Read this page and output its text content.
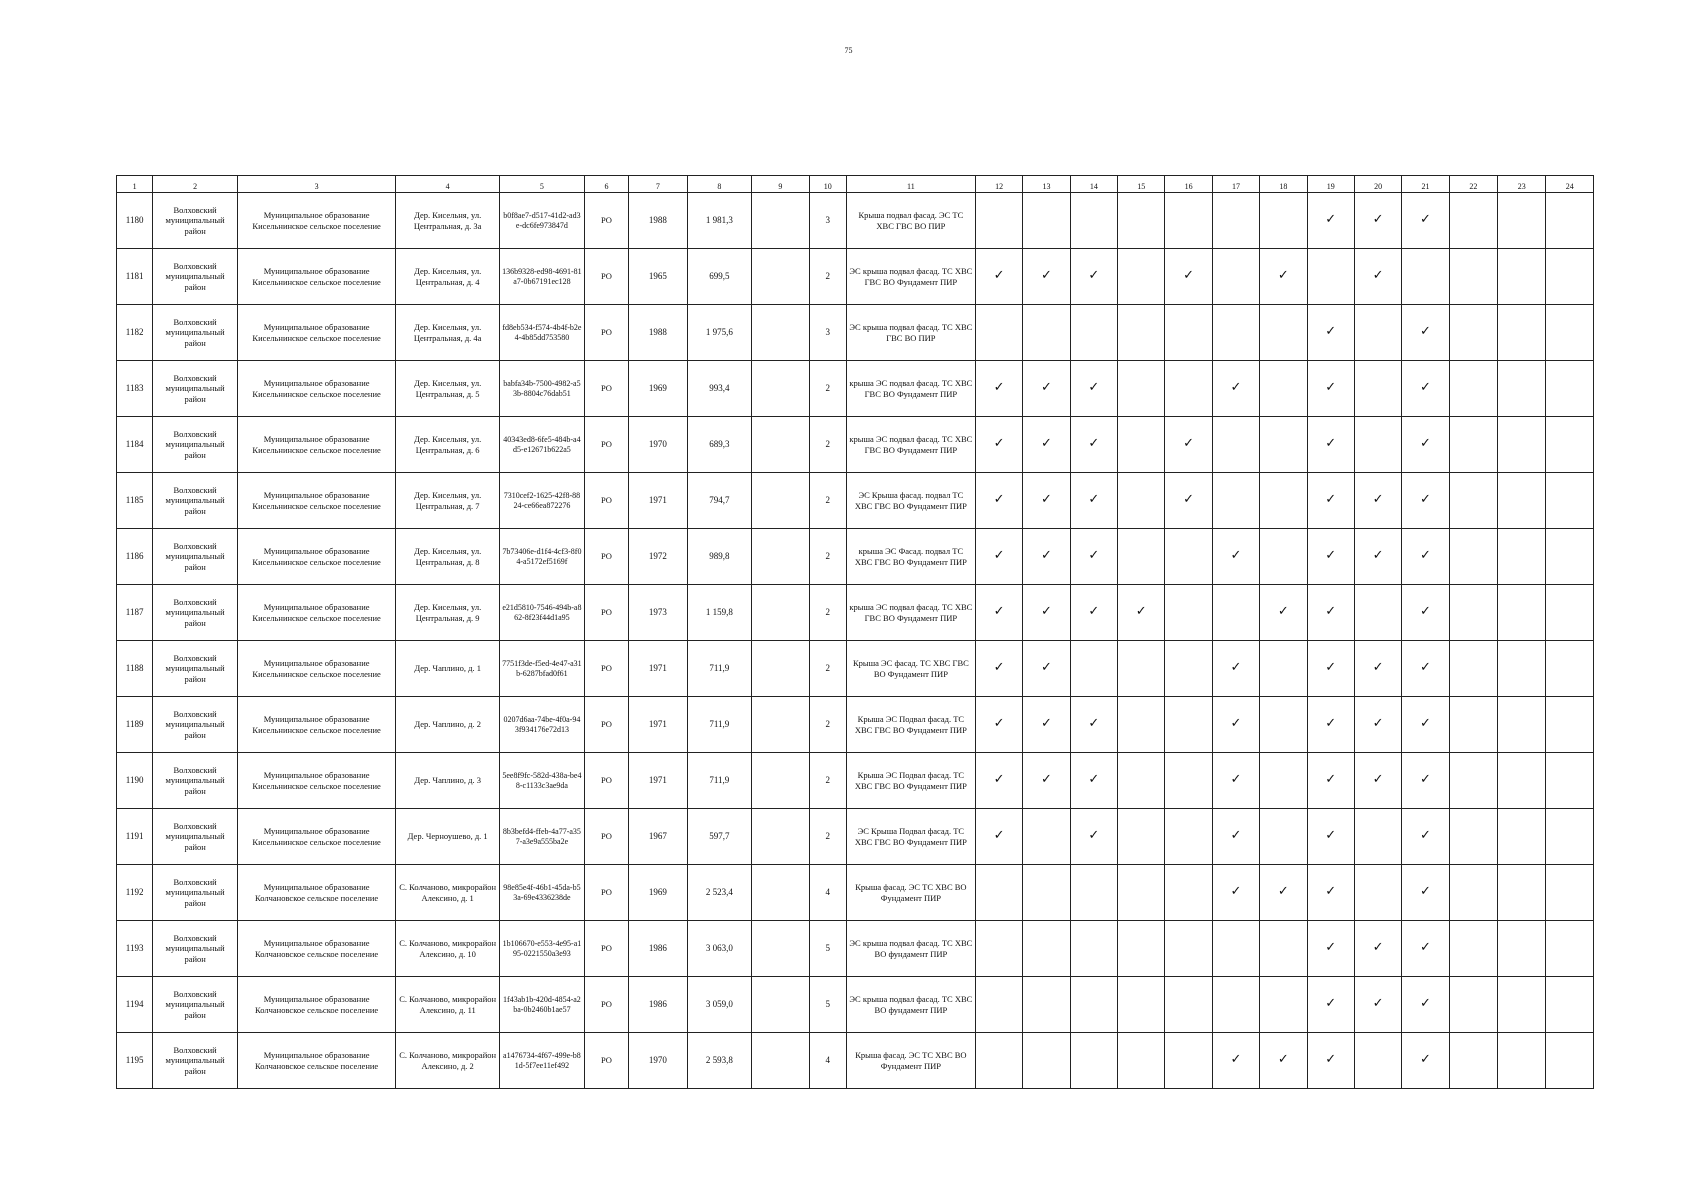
75
1	2	3	4	5	6	7	8	9	10	11	12	13	14	15	16	17	18	19	20	21	22	23	24
1180	Волховский муниципальный район	Муниципальное образование Кисельнинское сельское поселение	Дер. Кисельня, ул. Центральная, д. 3а	b0f8ae7-d517-41d2-ad3e-dc6fe973847d	РО	1988	1 981,3		3	Крыша подвал фасад. ЭС ТС ХВС ГВС ВО ПИР								✓	✓	✓			
1181	Волховский муниципальный район	Муниципальное образование Кисельнинское сельское поселение	Дер. Кисельня, ул. Центральная, д. 4	136b9328-ed98-4691-81a7-0b67191ec128	РО	1965	699,5		2	ЭС крыша подвал фасад. ТС ХВС ГВС ВО Фундамент ПИР	✓	✓	✓		✓		✓		✓				
1182	Волховский муниципальный район	Муниципальное образование Кисельнинское сельское поселение	Дер. Кисельня, ул. Центральная, д. 4а	fd8eb534-f574-4b4f-b2e4-4b85dd753580	РО	1988	1 975,6		3	ЭС крыша подвал фасад. ТС ХВС ГВС ВО ПИР								✓		✓			
1183	Волховский муниципальный район	Муниципальное образование Кисельнинское сельское поселение	Дер. Кисельня, ул. Центральная, д. 5	babfa34b-7500-4982-a53b-8804c76dab51	РО	1969	993,4		2	крыша ЭС подвал фасад. ТС ХВС ГВС ВО Фундамент ПИР	✓	✓	✓			✓		✓		✓			
1184	Волховский муниципальный район	Муниципальное образование Кисельнинское сельское поселение	Дер. Кисельня, ул. Центральная, д. 6	40343ed8-6fe5-484b-a4d5-e12671b622a5	РО	1970	689,3		2	крыша ЭС подвал фасад. ТС ХВС ГВС ВО Фундамент ПИР	✓	✓	✓		✓			✓		✓			
1185	Волховский муниципальный район	Муниципальное образование Кисельнинское сельское поселение	Дер. Кисельня, ул. Центральная, д. 7	7310cef2-1625-42f8-8824-ce66ea872276	РО	1971	794,7		2	ЭС Крыша фасад. подвал ТС ХВС ГВС ВО Фундамент ПИР	✓	✓	✓		✓			✓	✓	✓			
1186	Волховский муниципальный район	Муниципальное образование Кисельнинское сельское поселение	Дер. Кисельня, ул. Центральная, д. 8	7b73406e-d1f4-4cf3-8f04-a5172ef5169f	РО	1972	989,8		2	крыша ЭС Фасад. подвал ТС ХВС ГВС ВО Фундамент ПИР	✓	✓	✓			✓		✓	✓	✓			
1187	Волховский муниципальный район	Муниципальное образование Кисельнинское сельское поселение	Дер. Кисельня, ул. Центральная, д. 9	e21d5810-7546-494b-a862-8f23f44d1a95	РО	1973	1 159,8		2	крыша ЭС подвал фасад. ТС ХВС ГВС ВО Фундамент ПИР	✓	✓	✓	✓			✓	✓		✓			
1188	Волховский муниципальный район	Муниципальное образование Кисельнинское сельское поселение	Дер. Чаплино, д. 1	7751f3de-f5ed-4e47-a31b-6287bfad0f61	РО	1971	711,9		2	Крыша ЭС фасад. ТС ХВС ГВС ВО Фундамент ПИР	✓	✓				✓		✓	✓	✓			
1189	Волховский муниципальный район	Муниципальное образование Кисельнинское сельское поселение	Дер. Чаплино, д. 2	0207d6aa-74be-4f0a-943f934176e72d13	РО	1971	711,9		2	Крыша ЭС Подвал фасад. ТС ХВС ГВС ВО Фундамент ПИР	✓	✓	✓			✓		✓	✓	✓			
1190	Волховский муниципальный район	Муниципальное образование Кисельнинское сельское поселение	Дер. Чаплино, д. 3	5ee8f9fc-582d-438a-be48-c1133c3ae9da	РО	1971	711,9		2	Крыша ЭС Подвал фасад. ТС ХВС ГВС ВО Фундамент ПИР	✓	✓	✓			✓		✓	✓	✓			
1191	Волховский муниципальный район	Муниципальное образование Кисельнинское сельское поселение	Дер. Черноушево, д. 1	8b3befd4-ffeb-4a77-a357-a3e9a555ba2e	РО	1967	597,7		2	ЭС Крыша Подвал фасад. ТС ХВС ГВС ВО Фундамент ПИР	✓		✓			✓		✓		✓			
1192	Волховский муниципальный район	Муниципальное образование Колчановское сельское поселение	С. Колчаново, микрорайон Алексино, д. 1	98e85e4f-46b1-45da-b53a-69e4336238de	РО	1969	2 523,4		4	Крыша фасад. ЭС ТС ХВС ВО Фундамент ПИР						✓	✓	✓		✓			
1193	Волховский муниципальный район	Муниципальное образование Колчановское сельское поселение	С. Колчаново, микрорайон Алексино, д. 10	1b106670-e553-4e95-a195-0221550a3e93	РО	1986	3 063,0		5	ЭС крыша подвал фасад. ТС ХВС ВО фундамент ПИР								✓	✓	✓			
1194	Волховский муниципальный район	Муниципальное образование Колчановское сельское поселение	С. Колчаново, микрорайон Алексино, д. 11	1f43ab1b-420d-4854-a2ba-0b2460b1ae57	РО	1986	3 059,0		5	ЭС крыша подвал фасад. ТС ХВС ВО фундамент ПИР								✓	✓	✓			
1195	Волховский муниципальный район	Муниципальное образование Колчановское сельское поселение	С. Колчаново, микрорайон Алексино, д. 2	a1476734-4f67-499e-b81d-5f7ee11ef492	РО	1970	2 593,8		4	Крыша фасад. ЭС ТС ХВС ВО Фундамент ПИР						✓	✓	✓		✓			
